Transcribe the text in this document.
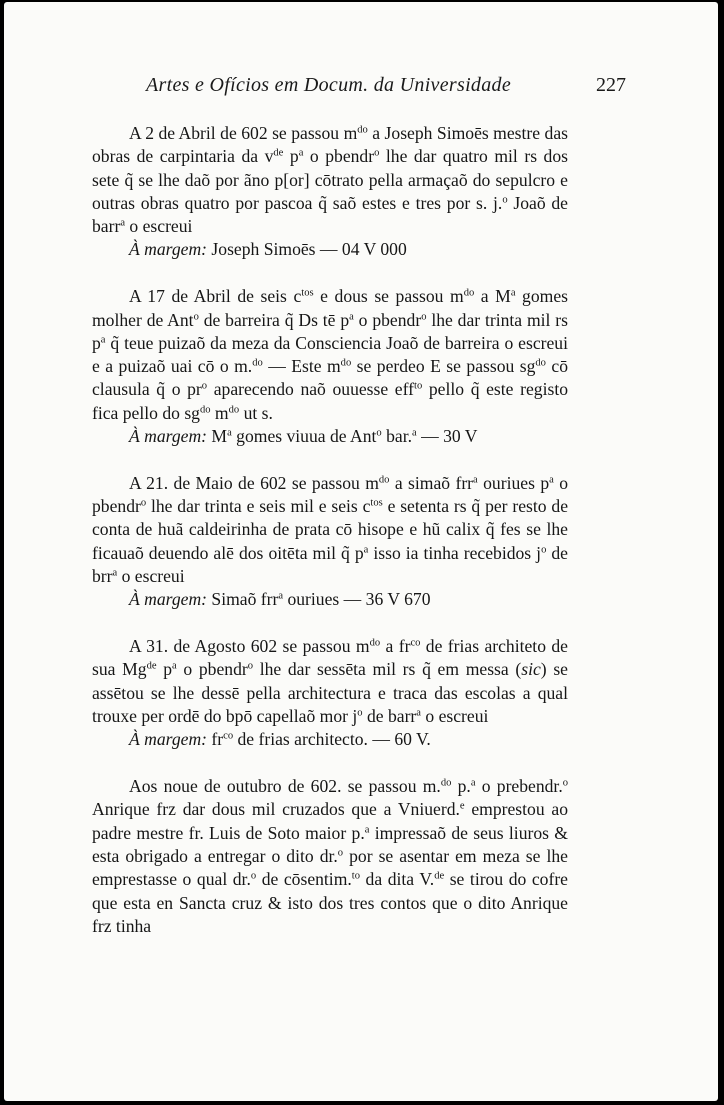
Artes e Ofícios em Docum. da Universidade	227

A 2 de Abril de 602 se passou $m^{do}$ a Joseph Simoēs mestre das obras de carpintaria da $v^{de}$ $p^a$ o pbendr$^o$ lhe dar quatro mil rs dos sete q̃ se lhe daõ por ãno p[or] cōtrato pella armaçaõ do sepulcro e outras obras quatro por pascoa q̃ saõ estes e tres por s. j.$^o$ Joaõ de barr$^a$ o escreui

À margem: Joseph Simoēs — 04 V 000

A 17 de Abril de seis $c^{tos}$ e dous se passou $m^{do}$ a $M^a$ gomes molher de Ant$^o$ de barreira q̃ Ds tē $p^a$ o pbendr$^o$ lhe dar trinta mil rs $p^a$ q̃ teue puizaõ da meza da Consciencia Joaõ de barreira o escreui e a puizaõ uai cō o m.$^{do}$ — Este $m^{do}$ se perdeo E se passou $sg^{do}$ cō clausula q̃ o $pr^o$ aparecendo naõ ouuesse eff$^{to}$ pello q̃ este registo fica pello do $sg^{do}$ $m^{do}$ ut s.

À margem: $M^a$ gomes viuua de Ant$^o$ bar.$^a$ — 30 V

A 21. de Maio de 602 se passou $m^{do}$ a simaõ frr$^a$ ouriues $p^a$ o pbendr$^o$ lhe dar trinta e seis mil e seis $c^{tos}$ e setenta rs q̃ per resto de conta de huã caldeirinha de prata cō hisope e hũ calix q̃ fes se lhe ficauaõ deuendo alē dos oitēta mil q̃ $p^a$ isso ia tinha recebidos $j^o$ de brr$^a$ o escreui

À margem: Simaõ frr$^a$ ouriues — 36 V 670

A 31. de Agosto 602 se passou $m^{do}$ a $fr^{co}$ de frias architeto de sua $Mg^{de}$ $p^a$ o pbendr$^o$ lhe dar sessēta mil rs q̃ em messa (sic) se assētou se lhe dessē pella architectura e traca das escolas a qual trouxe per ordē do bpō capellaõ mor $j^o$ de barr$^a$ o escreui

À margem: $fr^{co}$ de frias architecto. — 60 V.

Aos noue de outubro de 602. se passou m.$^{do}$ p.$^a$ o prebendr.$^o$ Anrique frz dar dous mil cruzados que a Vniuerd.$^e$ emprestou ao padre mestre fr. Luis de Soto maior p.$^a$ impressaõ de seus liuros & esta obrigado a entregar o dito dr.$^o$ por se asentar em meza se lhe emprestasse o qual dr.$^o$ de cōsentim.$^{to}$ da dita V.$^{de}$ se tirou do cofre que esta en Sancta cruz & isto dos tres contos que o dito Anrique frz tinha
